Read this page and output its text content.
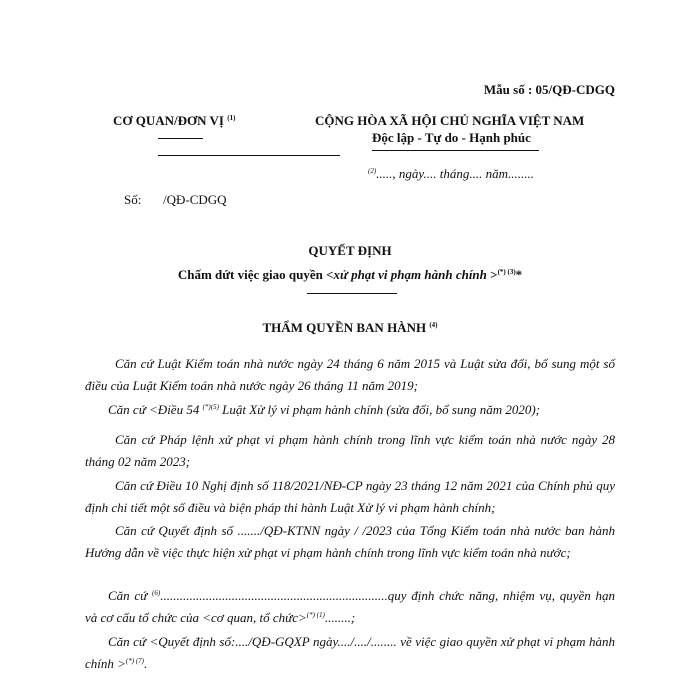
Mẫu số : 05/QĐ-CDGQ
CƠ QUAN/ĐƠN VỊ $^{(1)}$	CỘNG HÒA XÃ HỘI CHỦ NGHĨA VIỆT NAM
Độc lập - Tự do - Hạnh phúc
$^{(2)}$....., ngày.... tháng.... năm........
Số: /QĐ-CDGQ
QUYẾT ĐỊNH
Chấm dứt việc giao quyền <xử phạt vi phạm hành chính >$^{(*) (3)}$*
THẨM QUYỀN BAN HÀNH $^{(4)}$
Căn cứ Luật Kiểm toán nhà nước ngày 24 tháng 6 năm 2015 và Luật sửa đổi, bổ sung một số điều của Luật Kiểm toán nhà nước ngày 26 tháng 11 năm 2019;
Căn cứ <Điều 54 $^{(*)(5)}$ Luật Xử lý vi phạm hành chính (sửa đổi, bổ sung năm 2020);
Căn cứ Pháp lệnh xử phạt vi phạm hành chính trong lĩnh vực kiểm toán nhà nước ngày 28 tháng 02 năm 2023;
Căn cứ Điều 10 Nghị định số 118/2021/NĐ-CP ngày 23 tháng 12 năm 2021 của Chính phủ quy định chi tiết một số điều và biện pháp thi hành Luật Xử lý vi phạm hành chính;
Căn cứ Quyết định số ......./QĐ-KTNN ngày / /2023 của Tổng Kiểm toán nhà nước ban hành Hướng dẫn về việc thực hiện xử phạt vi phạm hành chính trong lĩnh vực kiểm toán nhà nước;
Căn cứ $^{(6)}$......................................................................quy định chức năng, nhiệm vụ, quyền hạn và cơ cấu tổ chức của <cơ quan, tổ chức>$^{(*) (1)}$........;
Căn cứ <Quyết định số:..../QĐ-GQXP ngày..../..../........ về việc giao quyền xử phạt vi phạm hành chính >$^{(*) (7)}$.
